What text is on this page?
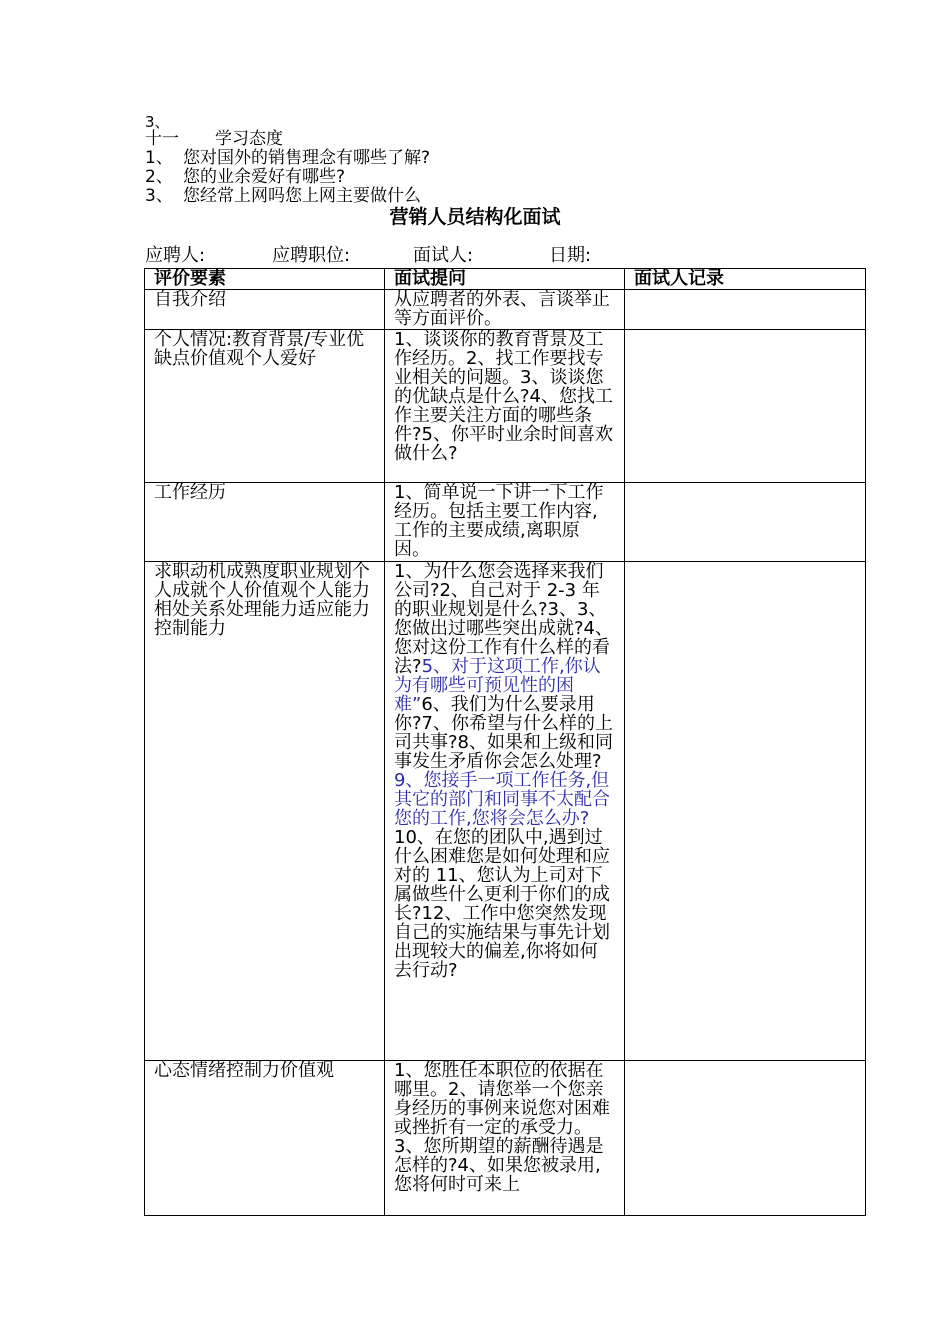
3、
十一 学习态度
1、 您对国外的销售理念有哪些了解?
2、 您的业余爱好有哪些?
3、 您经常上网吗您上网主要做什么
营销人员结构化面试
应聘人:	应聘职位:	面试人:	日期:
评价要素	面试提问	面试人记录
自我介绍	从应聘者的外表、言谈举止等方面评价。	
个人情况:教育背景/专业优缺点价值观个人爱好	1、谈谈你的教育背景及工作经历。2、找工作要找专业相关的问题。3、谈谈您的优缺点是什么?4、您找工作主要关注方面的哪些条件?5、你平时业余时间喜欢做什么?	
工作经历	1、简单说一下讲一下工作经历。包括主要工作内容,工作的主要成绩,离职原因。	
求职动机成熟度职业规划个人成就个人价值观个人能力相处关系处理能力适应能力控制能力	1、为什么您会选择来我们公司?2、自己对于 2-3 年的职业规划是什么?3、3、您做出过哪些突出成就?4、您对这份工作有什么样的看法?5、对于这项工作,你认为有哪些可预见性的困难”6、我们为什么要录用你?7、你希望与什么样的上司共事?8、如果和上级和同事发生矛盾你会怎么处理?9、您接手一项工作任务,但其它的部门和同事不太配合您的工作,您将会怎么办?10、在您的团队中,遇到过什么困难您是如何处理和应对的 11、您认为上司对下属做些什么更利于你们的成长?12、工作中您突然发现自己的实施结果与事先计划出现较大的偏差,你将如何去行动?	
心态情绪控制力价值观	1、您胜任本职位的依据在哪里。2、请您举一个您亲身经历的事例来说您对困难或挫折有一定的承受力。3、您所期望的薪酬待遇是怎样的?4、如果您被录用,您将何时可来上	
